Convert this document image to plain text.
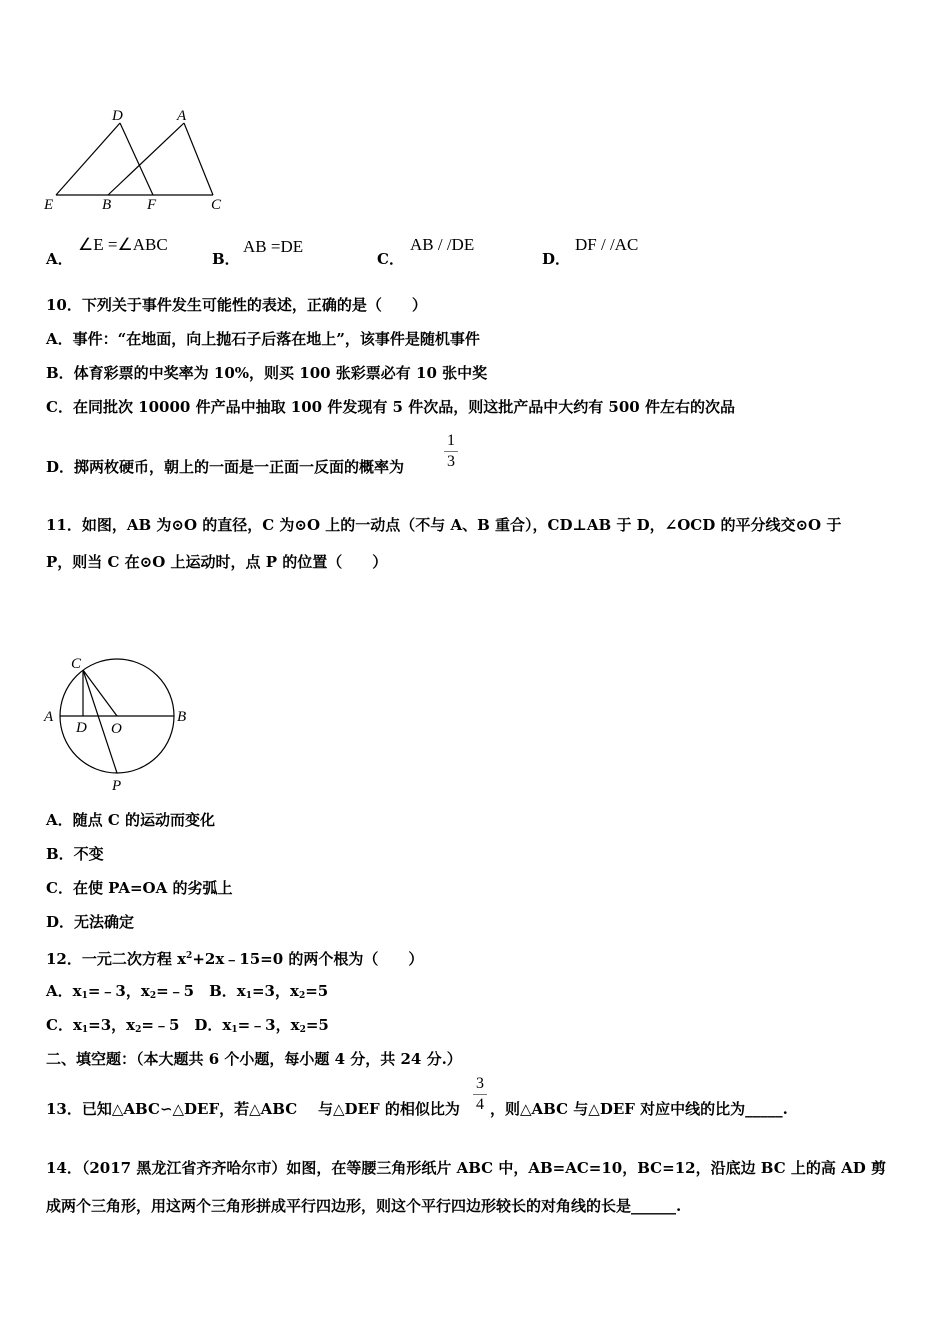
D	A
E	B F	C
A．
∠E =∠ABC
B．
AB =DE
C．
AB / /DE
D．
DF / /AC
10．下列关于事件发生可能性的表述，正确的是（　　）
A．事件：“在地面，向上抛石子后落在地上”，该事件是随机事件
B．体育彩票的中奖率为 10%，则买 100 张彩票必有 10 张中奖
C．在同批次 10000 件产品中抽取 100 件发现有 5 件次品，则这批产品中大约有 500 件左右的次品
D．掷两枚硬币，朝上的一面是一正面一反面的概率为
1
3
11．如图，AB 为⊙O 的直径，C 为⊙O 上的一动点（不与 A、B 重合），CD⊥AB 于 D，∠OCD 的平分线交⊙O 于
P，则当 C 在⊙O 上运动时，点 P 的位置（　　）
C
A
D O
B
P
A．随点 C 的运动而变化
B．不变
C．在使 PA=OA 的劣弧上
D．无法确定
12．一元二次方程 $x^2+2x﹣15=0$ 的两个根为（　　）
A．$x_1=﹣3$，$x_2=﹣5$　B．$x_1=3$，$x_2=5$
C．$x_1=3$，$x_2=﹣5$　D．$x_1=﹣3$，$x_2=5$
二、填空题：（本大题共 6 个小题，每小题 4 分，共 24 分.）
13．已知△ABC∽△DEF，若△ABC 与△DEF 的相似比为
3
4 ，则△ABC 与△DEF 对应中线的比为_____.
14．（2017 黑龙江省齐齐哈尔市）如图，在等腰三角形纸片 ABC 中，AB=AC=10，BC=12，沿底边 BC 上的高 AD 剪
成两个三角形，用这两个三角形拼成平行四边形，则这个平行四边形较长的对角线的长是______.
